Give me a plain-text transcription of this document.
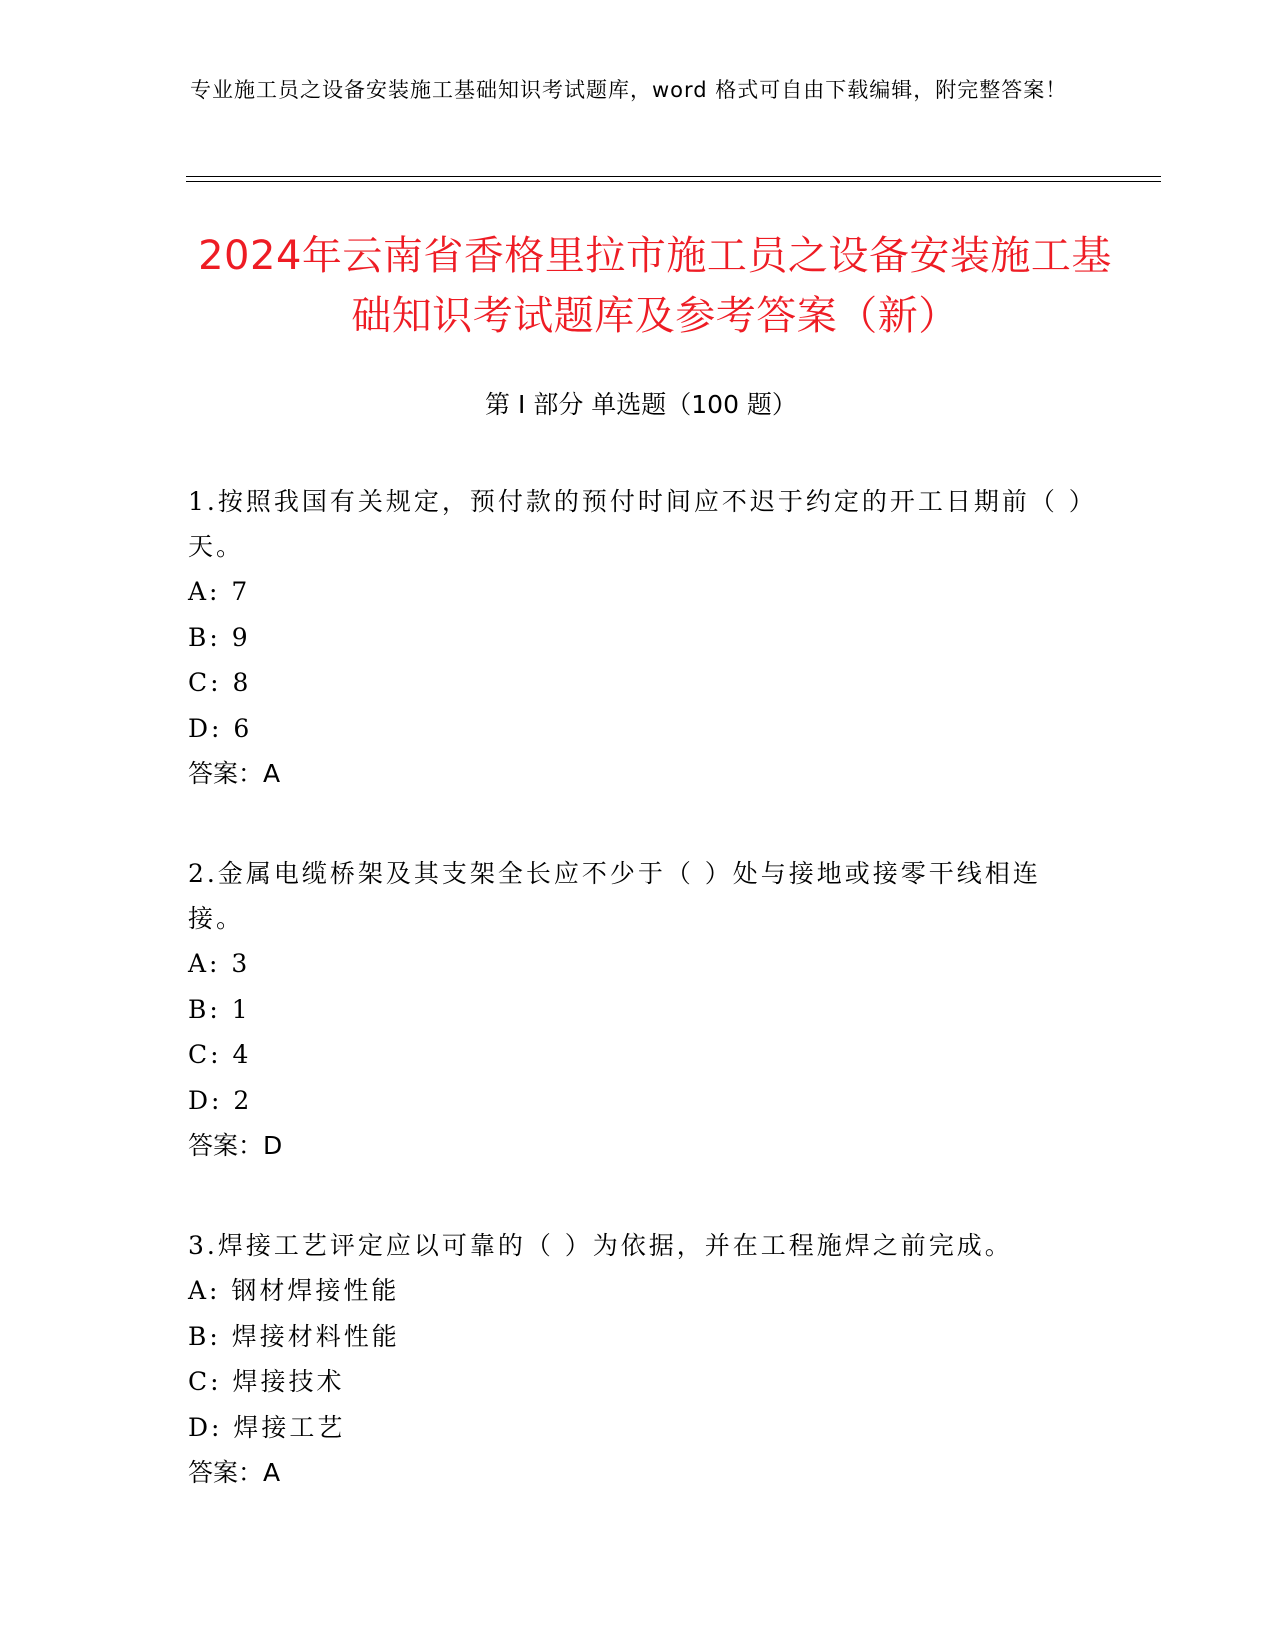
专业施工员之设备安装施工基础知识考试题库，word 格式可自由下载编辑，附完整答案！
2024年云南省香格里拉市施工员之设备安装施工基础知识考试题库及参考答案（新）
第 I 部分 单选题（100 题）

1.按照我国有关规定，预付款的预付时间应不迟于约定的开工日期前（ ）天。

A: 7

B: 9

C: 8

D: 6

答案：A

2.金属电缆桥架及其支架全长应不少于（ ）处与接地或接零干线相连接。

A: 3

B: 1

C: 4

D: 2

答案：D

3.焊接工艺评定应以可靠的（ ）为依据，并在工程施焊之前完成。

A: 钢材焊接性能

B: 焊接材料性能

C: 焊接技术

D: 焊接工艺

答案：A
